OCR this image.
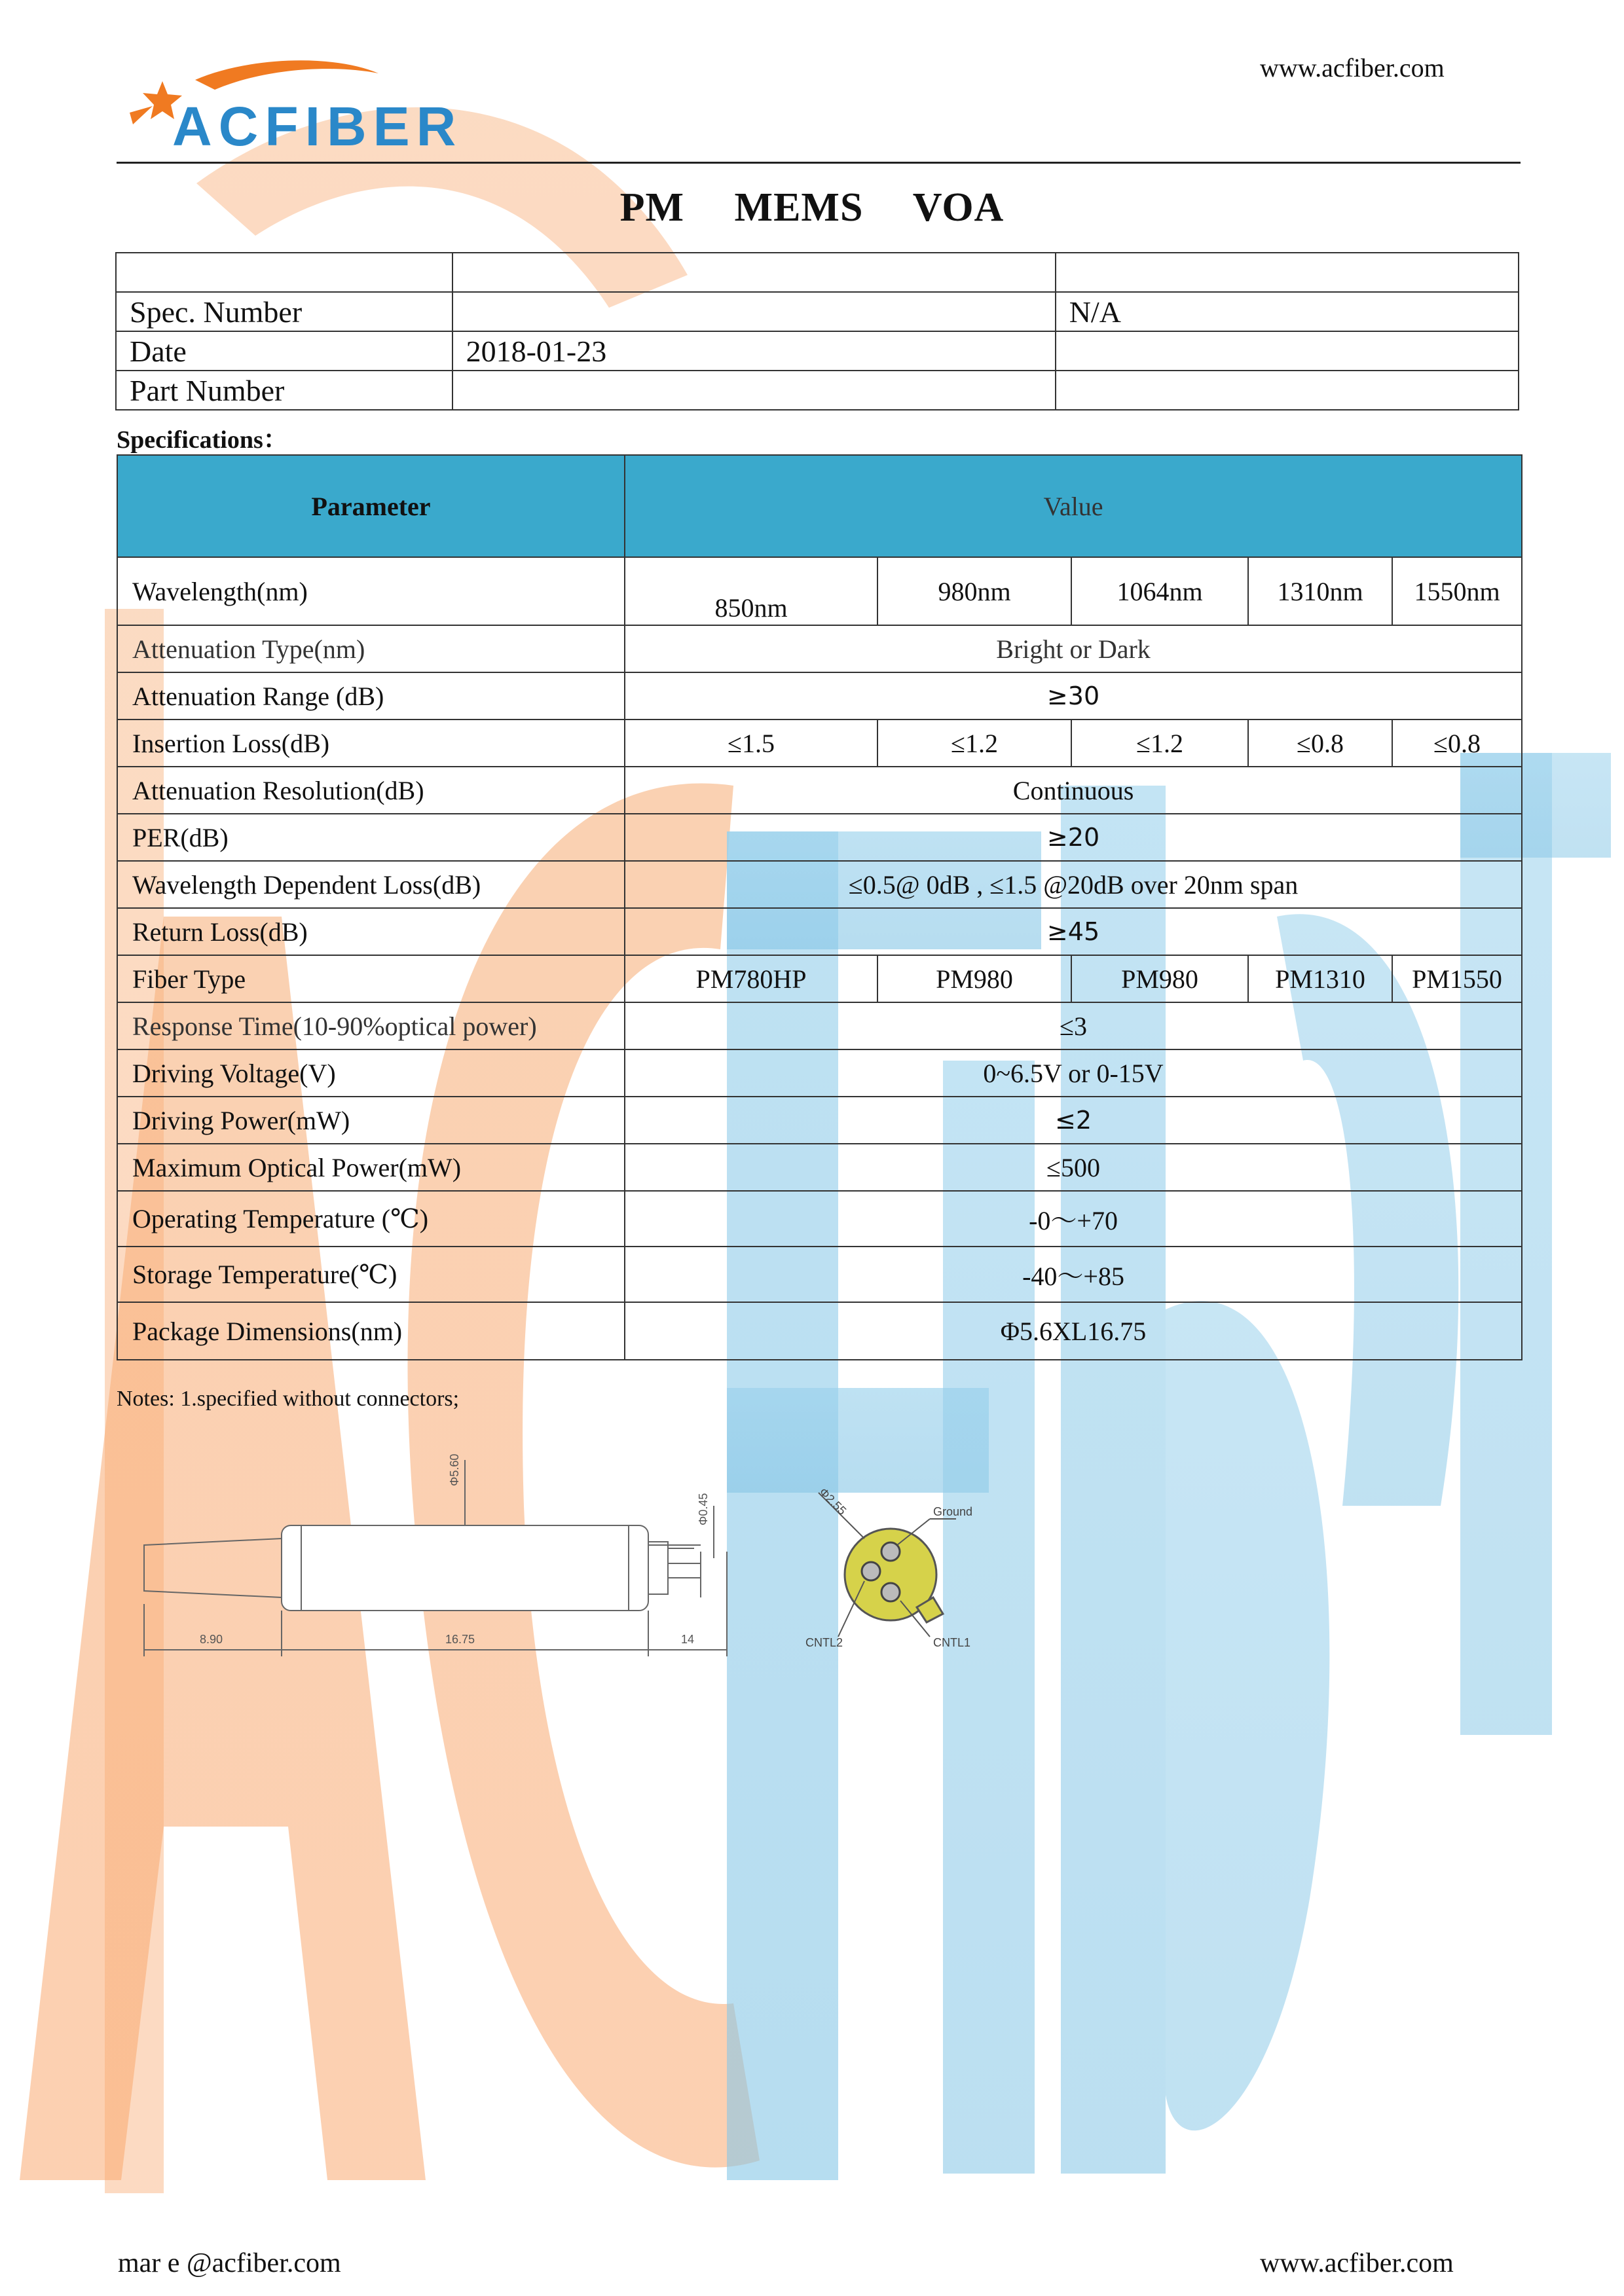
ACFIBER
www.acfiber.com
PM MEMS VOA

Spec. Number		N/A
Date	2018-01-23	
Part Number		
Specifications：
Parameter	Value				
Wavelength(nm)	850nm	980nm	1064nm	1310nm	1550nm
Attenuation Type(nm)	Bright or Dark				
Attenuation Range (dB)	≥30				
Insertion Loss(dB)	≤1.5	≤1.2	≤1.2	≤0.8	≤0.8
Attenuation Resolution(dB)	Continuous				
PER(dB)	≥20				
Wavelength Dependent Loss(dB)	≤0.5@ 0dB , ≤1.5 @20dB over 20nm span				
Return Loss(dB)	≥45				
Fiber Type	PM780HP	PM980	PM980	PM1310	PM1550
Response Time(10-90%optical power)	≤3				
Driving Voltage(V)	0~6.5V or 0-15V				
Driving Power(mW)	≤2				
Maximum Optical Power(mW)	≤500				
Operating Temperature (℃)	-0～+70				
Storage Temperature(℃)	-40～+85				
Package Dimensions(nm)	Φ5.6XL16.75				
Notes: 1.specified without connectors;
8.90	16.75	14
Φ5.60
Φ0.45	Ground
CNTL2	CNTL1
Φ2.55
mar e @acfiber.com	www.acfiber.com
